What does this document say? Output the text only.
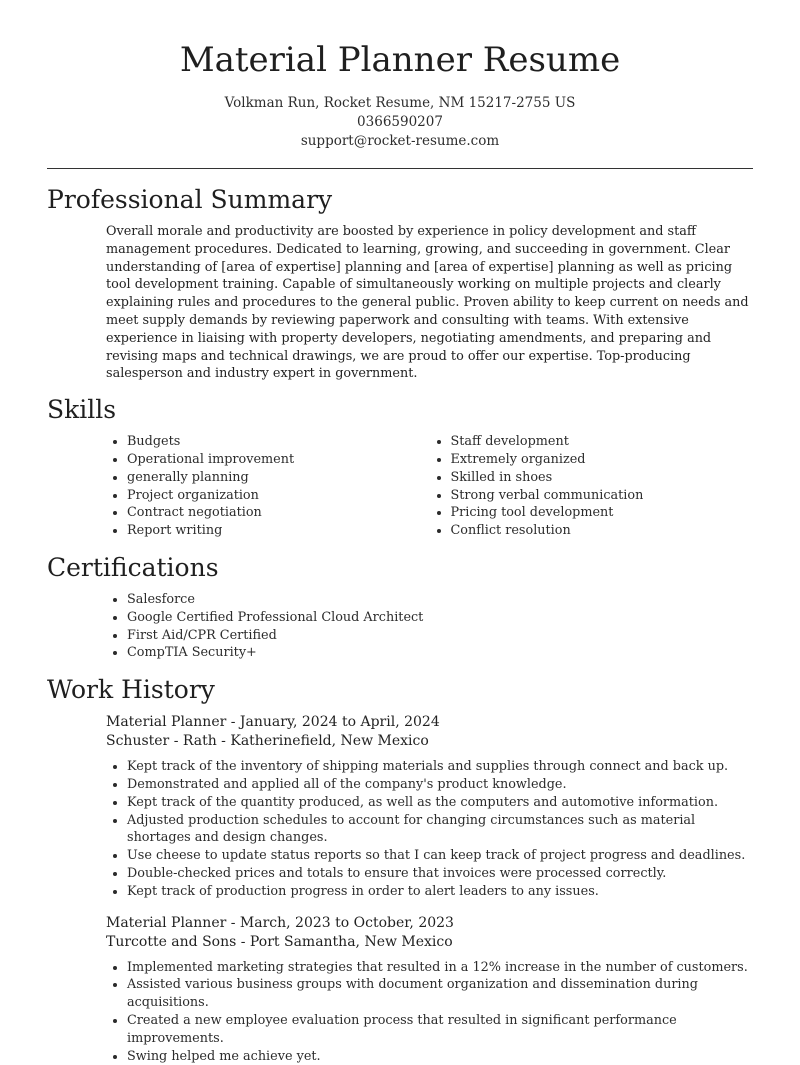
Material Planner Resume
Volkman Run, Rocket Resume, NM 15217-2755 US
0366590207
support@rocket-resume.com
Professional Summary

Overall morale and productivity are boosted by experience in policy development and staff management procedures. Dedicated to learning, growing, and succeeding in government. Clear understanding of [area of expertise] planning and [area of expertise] planning as well as pricing tool development training. Capable of simultaneously working on multiple projects and clearly explaining rules and procedures to the general public. Proven ability to keep current on needs and meet supply demands by reviewing paperwork and consulting with teams. With extensive experience in liaising with property developers, negotiating amendments, and preparing and revising maps and technical drawings, we are proud to offer our expertise. Top-producing salesperson and industry expert in government.

Skills
• Budgets
• Operational improvement
• generally planning
• Project organization
• Contract negotiation
• Report writing
• Staff development
• Extremely organized
• Skilled in shoes
• Strong verbal communication
• Pricing tool development
• Conflict resolution
Certifications
• Salesforce
• Google Certified Professional Cloud Architect
• First Aid/CPR Certified
• CompTIA Security+
Work History

Material Planner - January, 2024 to April, 2024

Schuster - Rath - Katherinefield, New Mexico

• Kept track of the inventory of shipping materials and supplies through connect and back up.
• Demonstrated and applied all of the company's product knowledge.
• Kept track of the quantity produced, as well as the computers and automotive information.
• Adjusted production schedules to account for changing circumstances such as material shortages and design changes.
• Use cheese to update status reports so that I can keep track of project progress and deadlines.
• Double-checked prices and totals to ensure that invoices were processed correctly.
• Kept track of production progress in order to alert leaders to any issues.

Material Planner - March, 2023 to October, 2023

Turcotte and Sons - Port Samantha, New Mexico

• Implemented marketing strategies that resulted in a 12% increase in the number of customers.
• Assisted various business groups with document organization and dissemination during acquisitions.
• Created a new employee evaluation process that resulted in significant performance improvements.
• Swing helped me achieve yet.
